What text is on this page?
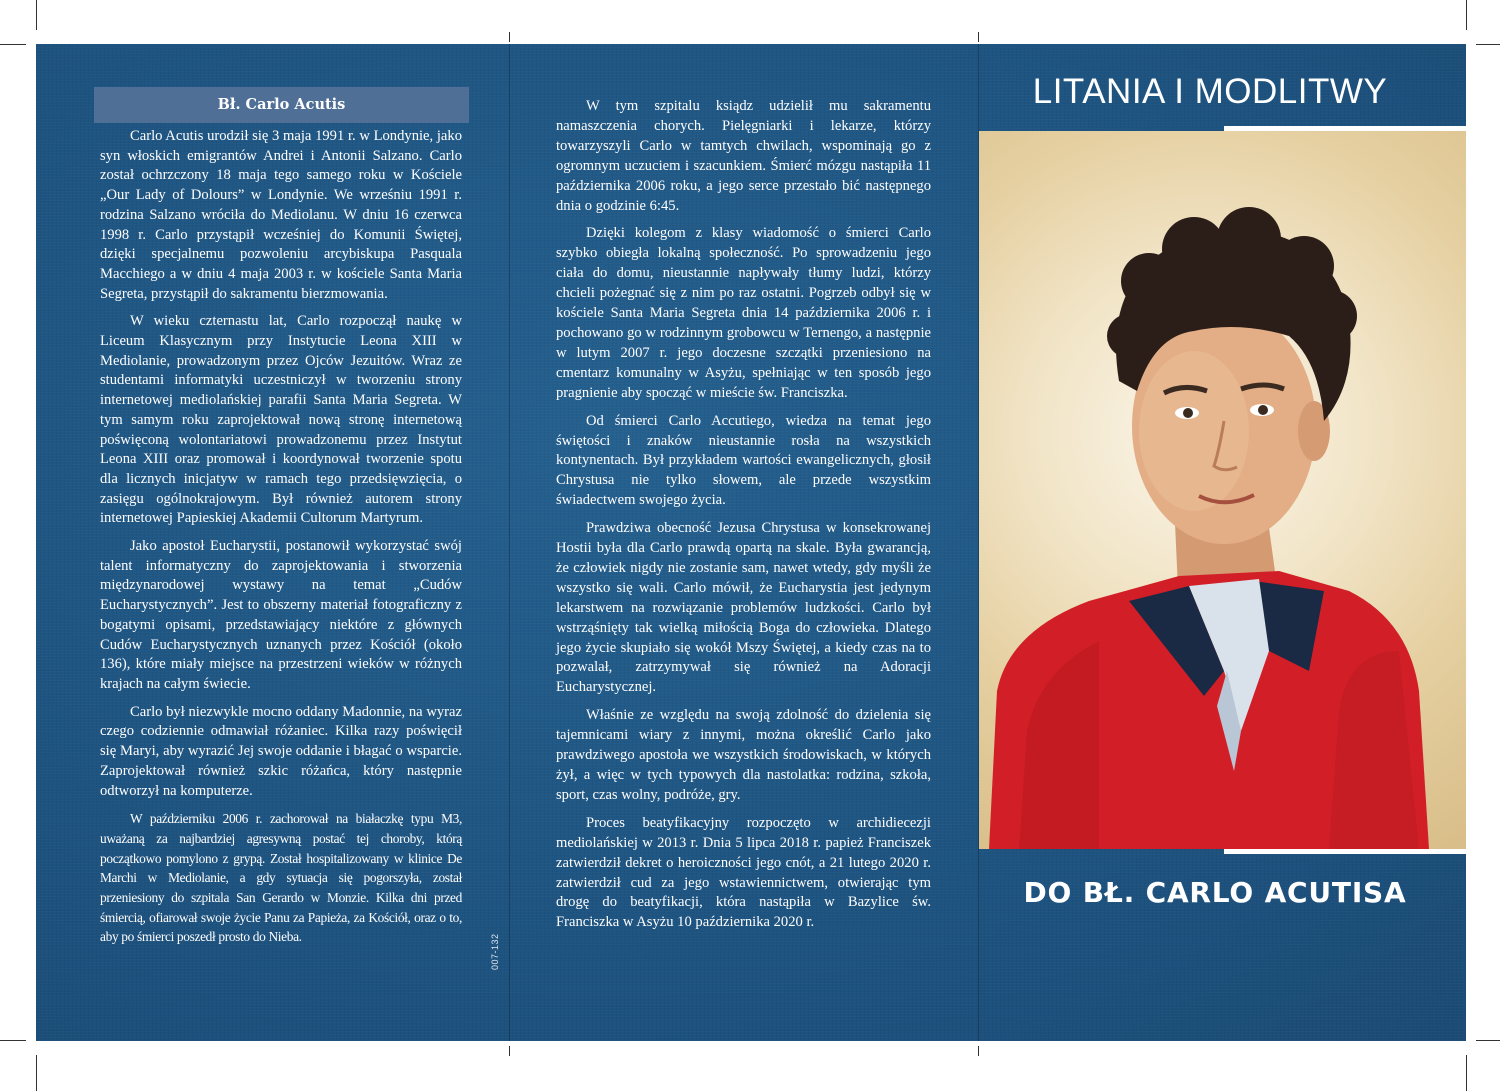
Bł. Carlo Acutis

Carlo Acutis urodził się 3 maja 1991 r. w Londynie, jako syn włoskich emigrantów Andrei i Antonii Salzano. Carlo został ochrzczony 18 maja tego samego roku w Kościele „Our Lady of Dolours” w Londynie. We wrześniu 1991 r. rodzina Salzano wróciła do Mediolanu. W dniu 16 czerwca 1998 r. Carlo przystąpił wcześniej do Komunii Świętej, dzięki specjalnemu pozwoleniu arcybiskupa Pasquala Macchiego a w dniu 4 maja 2003 r. w kościele Santa Maria Segreta, przystąpił do sakramentu bierzmowania.

W wieku czternastu lat, Carlo rozpoczął naukę w Liceum Klasycznym przy Instytucie Leona XIII w Mediolanie, prowadzonym przez Ojców Jezuitów. Wraz ze studentami informatyki uczestniczył w tworzeniu strony internetowej mediolańskiej parafii Santa Maria Segreta. W tym samym roku zaprojektował nową stronę internetową poświęconą wolontariatowi prowadzonemu przez Instytut Leona XIII oraz promował i koordynował tworzenie spotu dla licznych inicjatyw w ramach tego przedsięwzięcia, o zasięgu ogólnokrajowym. Był również autorem strony internetowej Papieskiej Akademii Cultorum Martyrum.

Jako apostoł Eucharystii, postanowił wykorzystać swój talent informatyczny do zaprojektowania i stworzenia międzynarodowej wystawy na temat „Cudów Eucharystycznych”. Jest to obszerny materiał fotograficzny z bogatymi opisami, przedstawiający niektóre z głównych Cudów Eucharystycznych uznanych przez Kościół (około 136), które miały miejsce na przestrzeni wieków w różnych krajach na całym świecie.

Carlo był niezwykle mocno oddany Madonnie, na wyraz czego codziennie odmawiał różaniec. Kilka razy poświęcił się Maryi, aby wyrazić Jej swoje oddanie i błagać o wsparcie. Zaprojektował również szkic różańca, który następnie odtworzył na komputerze.

W październiku 2006 r. zachorował na białaczkę typu M3, uważaną za najbardziej agresywną postać tej choroby, którą początkowo pomylono z grypą. Został hospitalizowany w klinice De Marchi w Mediolanie, a gdy sytuacja się pogorszyła, został przeniesiony do szpitala San Gerardo w Monzie. Kilka dni przed śmiercią, ofiarował swoje życie Panu za Papieża, za Kościół, oraz o to, aby po śmierci poszedł prosto do Nieba.	007-132

W tym szpitalu ksiądz udzielił mu sakramentu namaszczenia chorych. Pielęgniarki i lekarze, którzy towarzyszyli Carlo w tamtych chwilach, wspominają go z ogromnym uczuciem i szacunkiem. Śmierć mózgu nastąpiła 11 października 2006 roku, a jego serce przestało bić następnego dnia o godzinie 6:45.

Dzięki kolegom z klasy wiadomość o śmierci Carlo szybko obiegła lokalną społeczność. Po sprowadzeniu jego ciała do domu, nieustannie napływały tłumy ludzi, którzy chcieli pożegnać się z nim po raz ostatni. Pogrzeb odbył się w kościele Santa Maria Segreta dnia 14 października 2006 r. i pochowano go w rodzinnym grobowcu w Ternengo, a następnie w lutym 2007 r. jego doczesne szczątki przeniesiono na cmentarz komunalny w Asyżu, spełniając w ten sposób jego pragnienie aby spocząć w mieście św. Franciszka.

Od śmierci Carlo Accutiego, wiedza na temat jego świętości i znaków nieustannie rosła na wszystkich kontynentach. Był przykładem wartości ewangelicznych, głosił Chrystusa nie tylko słowem, ale przede wszystkim świadectwem swojego życia.

Prawdziwa obecność Jezusa Chrystusa w konsekrowanej Hostii była dla Carlo prawdą opartą na skale. Była gwarancją, że człowiek nigdy nie zostanie sam, nawet wtedy, gdy myśli że wszystko się wali. Carlo mówił, że Eucharystia jest jedynym lekarstwem na rozwiązanie problemów ludzkości. Carlo był wstrząśnięty tak wielką miłością Boga do człowieka. Dlatego jego życie skupiało się wokół Mszy Świętej, a kiedy czas na to pozwalał, zatrzymywał się również na Adoracji Eucharystycznej.

Właśnie ze względu na swoją zdolność do dzielenia się tajemnicami wiary z innymi, można określić Carlo jako prawdziwego apostoła we wszystkich środowiskach, w których żył, a więc w tych typowych dla nastolatka: rodzina, szkoła, sport, czas wolny, podróże, gry.

Proces beatyfikacyjny rozpoczęto w archidiecezji mediolańskiej w 2013 r. Dnia 5 lipca 2018 r. papież Franciszek zatwierdził dekret o heroiczności jego cnót, a 21 lutego 2020 r. zatwierdził cud za jego wstawiennictwem, otwierając tym drogę do beatyfikacji, która nastąpiła w Bazylice św. Franciszka w Asyżu 10 października 2020 r.

LITANIA I MODLITWY
DO BŁ. CARLO ACUTISA
